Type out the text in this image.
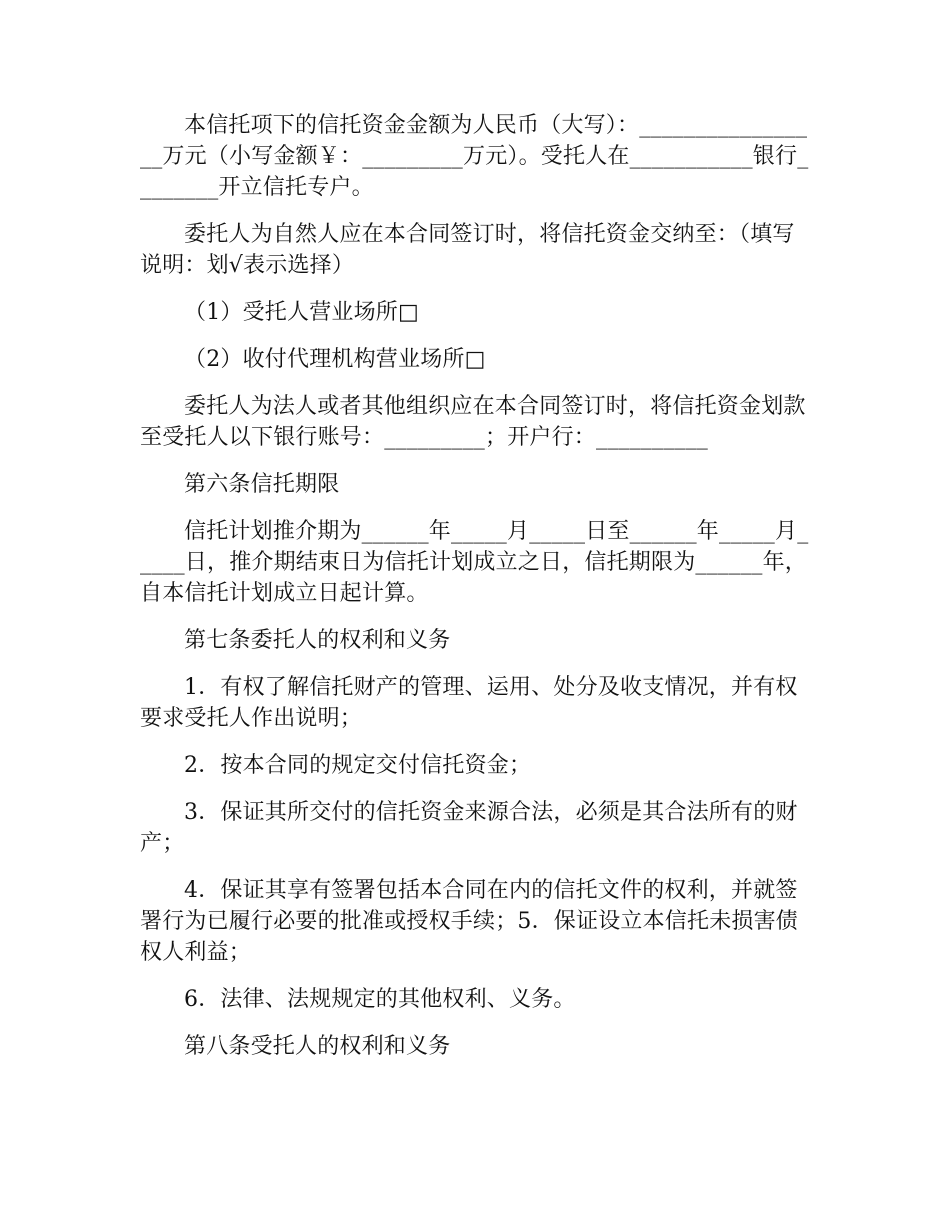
本信托项下的信托资金金额为人民币（大写）：_________________万元（小写金额￥：_________万元）。受托人在___________银行________开立信托专户。

委托人为自然人应在本合同签订时，将信托资金交纳至：（填写说明：划√表示选择）

（1）受托人营业场所□

（2）收付代理机构营业场所□

委托人为法人或者其他组织应在本合同签订时，将信托资金划款至受托人以下银行账号：_________；开户行：__________

第六条信托期限

信托计划推介期为______年_____月_____日至______年_____月_____日，推介期结束日为信托计划成立之日，信托期限为______年，自本信托计划成立日起计算。

第七条委托人的权利和义务

1．有权了解信托财产的管理、运用、处分及收支情况，并有权要求受托人作出说明；

2．按本合同的规定交付信托资金；

3．保证其所交付的信托资金来源合法，必须是其合法所有的财产；

4．保证其享有签署包括本合同在内的信托文件的权利，并就签署行为已履行必要的批准或授权手续；5．保证设立本信托未损害债权人利益；

6．法律、法规规定的其他权利、义务。

第八条受托人的权利和义务
